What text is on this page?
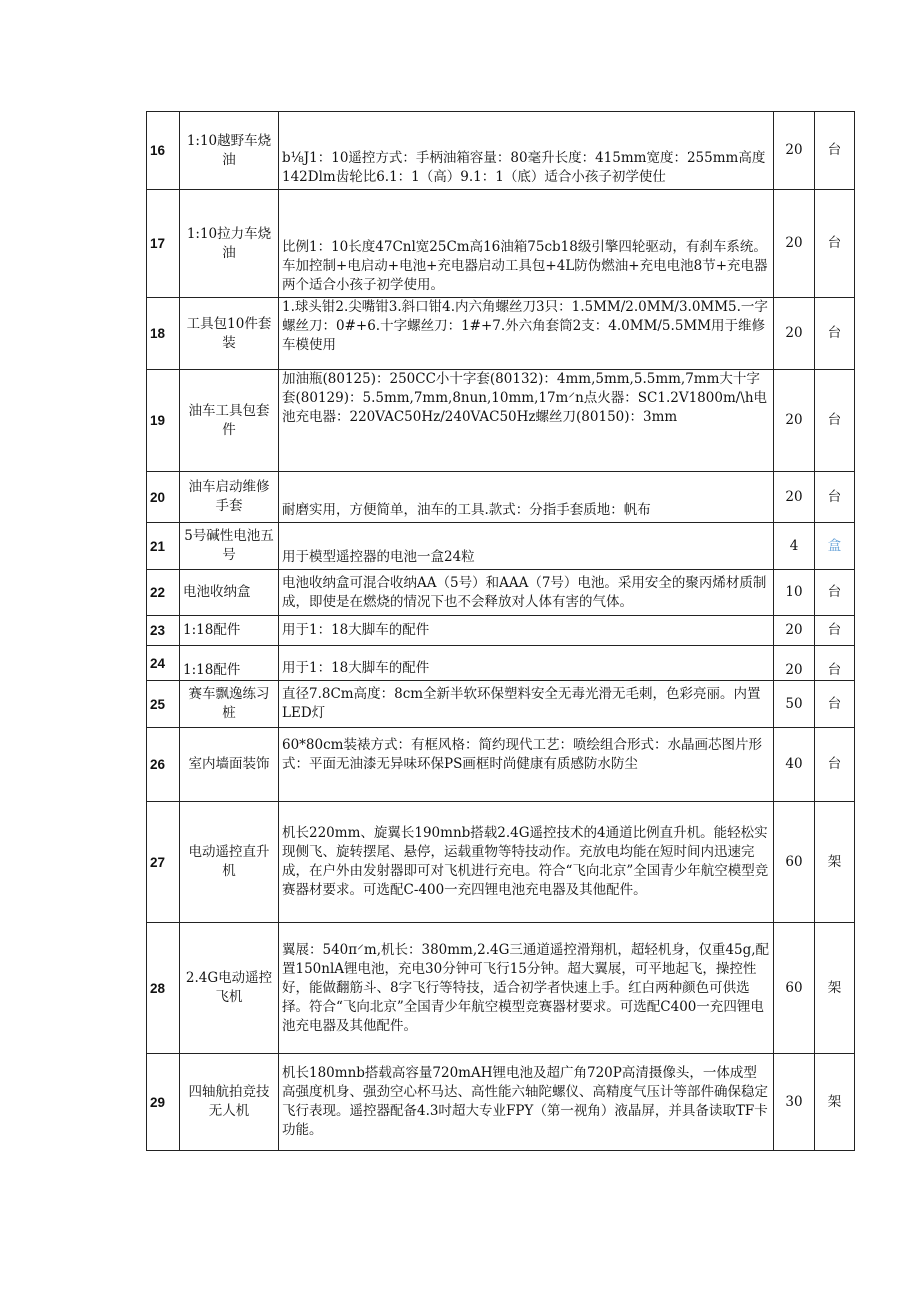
16	1:10越野车烧油	b⅛J1：10遥控方式：手柄油箱容量：80毫升长度：415mm宽度：255mm高度142Dlm齿轮比6.1：1（高）9.1：1（底）适合小孩子初学使仕	20	台
17	1:10拉力车烧油	比例1：10长度47Cnl宽25Cm高16油箱75cb18级引擎四轮驱动，有刹车系统。车加控制+电启动+电池+充电器启动工具包+4L防伪燃油+充电电池8节+充电器两个适合小孩子初学使用。	20	台
18	工具包10件套装	1.球头钳2.尖嘴钳3.斜口钳4.内六角螺丝刀3只：1.5MM/2.0MM/3.0MM5.一字螺丝刀：0#+6.十字螺丝刀：1#+7.外六角套筒2支：4.0MM/5.5MM用于维修车模使用	20	台
19	油车工具包套件	加油瓶(80125)：250CC小十字套(80132)：4mm,5mm,5.5mm,7mm大十字套(80129)：5.5mm,7mm,8nun,10mm,17m⸍n点火器：SC1.2V1800m/\h电池充电器：220VAC50Hz/240VAC50Hz螺丝刀(80150)：3mm	20	台
20	油车启动维修手套	耐磨实用，方便简单，油车的工具.款式：分指手套质地：帆布	20	台
21	5号碱性电池五号	用于模型遥控器的电池一盒24粒	4	盒
22	电池收纳盒	电池收纳盒可混合收纳AA（5号）和AAA（7号）电池。采用安全的聚丙烯材质制成，即使是在燃烧的情况下也不会释放对人体有害的气体。	10	台
23	1:18配件	用于1：18大脚车的配件	20	台
24	1:18配件	用于1：18大脚车的配件	20	台
25	赛车飘逸练习桩	直径7.8Cm高度：8cm全新半软环保塑料安全无毒光滑无毛刺，色彩亮丽。内置LED灯	50	台
26	室内墙面装饰	60*80cm装裱方式：有框风格：简约现代工艺：喷绘组合形式：水晶画芯图片形式：平面无油漆无异味环保PS画框时尚健康有质感防水防尘	40	台
27	电动遥控直升机	机长220mm、旋翼长190mnb搭载2.4G遥控技术的4通道比例直升机。能轻松实现侧飞、旋转摆尾、悬停，运载重物等特技动作。充放电均能在短时间内迅速完成，在户外由发射器即可对飞机进行充电。符合“飞向北京”全国青少年航空模型竞赛器材要求。可选配C-400一充四锂电池充电器及其他配件。	60	架
28	2.4G电动遥控飞机	翼展：540π⸍m,机长：380mm,2.4G三通道遥控滑翔机，超轻机身，仅重45g,配置150nlA锂电池，充电30分钟可飞行15分钟。超大翼展，可平地起飞，操控性好，能做翻筋斗、8字飞行等特技，适合初学者快速上手。红白两种颜色可供选择。符合“飞向北京”全国青少年航空模型竞赛器材要求。可选配C400一充四锂电池充电器及其他配件。	60	架
29	四轴航拍竞技无人机	机长180mnb搭载高容量720mAH锂电池及超广角720P高清摄像头，一体成型高强度机身、强劲空心杯马达、高性能六轴陀螺仪、高精度气压计等部件确保稳定飞行表现。遥控器配备4.3吋超大专业FPY（第一视角）液晶屏，并具备读取TF卡功能。	30	架
